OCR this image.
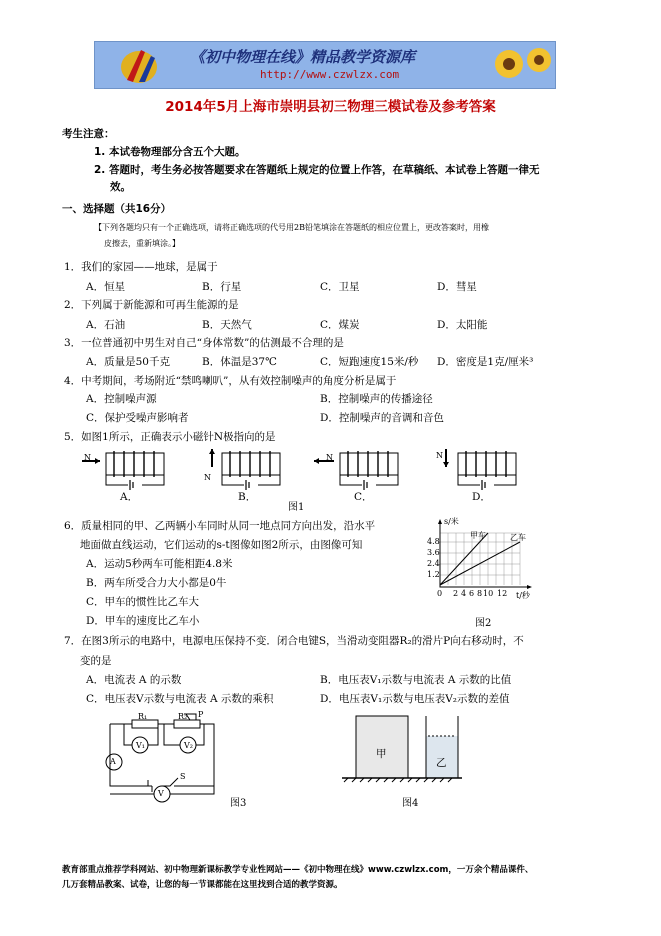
《初中物理在线》精品教学资源库
http://www.czwlzx.com
2014年5月上海市崇明县初三物理三模试卷及参考答案
考生注意：
1. 本试卷物理部分含五个大题。
2. 答题时，考生务必按答题要求在答题纸上规定的位置上作答，在草稿纸、本试卷上答题一律无
效。
一、选择题（共16分）
【下列各题均只有一个正确选项，请将正确选项的代号用2B铅笔填涂在答题纸的相应位置上，更改答案时，用橡
皮擦去，重新填涂。】
1．我们的家园——地球，是属于
A．恒星	B．行星	C．卫星	D．彗星
2．下列属于新能源和可再生能源的是
A．石油	B．天然气	C．煤炭	D．太阳能
3．一位普通初中男生对自己“身体常数”的估测最不合理的是
A．质量是50千克	B．体温是37℃	C．短跑速度15米/秒 D．密度是1克/厘米³
4．中考期间，考场附近“禁鸣喇叭”，从有效控制噪声的角度分析是属于
A．控制噪声源	B．控制噪声的传播途径
C．保护受噪声影响者	D．控制噪声的音调和音色
5．如图1所示，正确表示小磁针N极指向的是
N
N
N	N
A．	B．	C．	D．
图1
6．质量相同的甲、乙两辆小车同时从同一地点同方向出发，沿水平
地面做直线运动，它们运动的s-t图像如图2所示，由图像可知
A．运动5秒两车可能相距4.8米
B．两车所受合力大小都是0牛
C．甲车的惯性比乙车大
D．甲车的速度比乙车小
s/米
甲车	乙车
4.8
3.6
2.4
1.2
0 2 4 6 8 10 12 t/秒
图2
7．在图3所示的电路中，电源电压保持不变．闭合电键S，当滑动变阻器R₂的滑片P向右移动时，不
变的是
A．电流表 A 的示数	B．电压表V₁示数与电流表 A 示数的比值
C．电压表V示数与电流表 A 示数的乘积	D．电压表V₁示数与电压表V₂示数的差值
R₁	R₂ P
V₁	V₂
A
S
V
图3
甲
乙
图4
教育部重点推荐学科网站、初中物理新课标教学专业性网站——《初中物理在线》www.czwlzx.com，一万余个精品课件、
几万套精品教案、试卷，让您的每一节课都能在这里找到合适的教学资源。
